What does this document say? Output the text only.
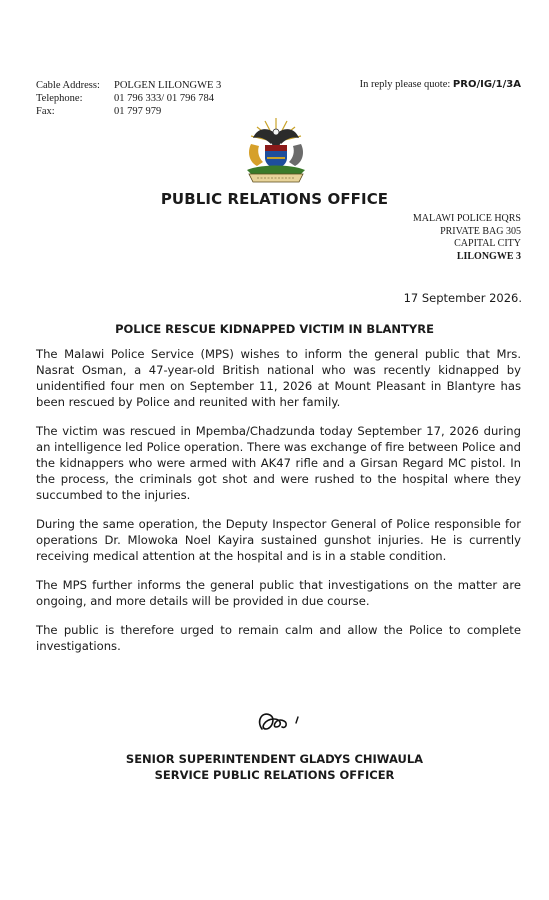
Cable Address:	POLGEN LILONGWE 3
Telephone:	01 796 333/ 01 796 784
Fax:	01 797 979
In reply please quote: PRO/IG/1/3A
PUBLIC RELATIONS OFFICE
MALAWI POLICE HQRS
PRIVATE BAG 305
CAPITAL CITY
LILONGWE 3
17 September 2026.
POLICE RESCUE KIDNAPPED VICTIM IN BLANTYRE

The Malawi Police Service (MPS) wishes to inform the general public that Mrs. Nasrat Osman, a 47-year-old British national who was recently kidnapped by unidentified four men on September 11, 2026 at Mount Pleasant in Blantyre has been rescued by Police and reunited with her family.

The victim was rescued in Mpemba/Chadzunda today September 17, 2026 during an intelligence led Police operation. There was exchange of fire between Police and the kidnappers who were armed with AK47 rifle and a Girsan Regard MC pistol. In the process, the criminals got shot and were rushed to the hospital where they succumbed to the injuries.

During the same operation, the Deputy Inspector General of Police responsible for operations Dr. Mlowoka Noel Kayira sustained gunshot injuries. He is currently receiving medical attention at the hospital and is in a stable condition.

The MPS further informs the general public that investigations on the matter are ongoing, and more details will be provided in due course.

The public is therefore urged to remain calm and allow the Police to complete investigations.

SENIOR SUPERINTENDENT GLADYS CHIWAULA
SERVICE PUBLIC RELATIONS OFFICER
